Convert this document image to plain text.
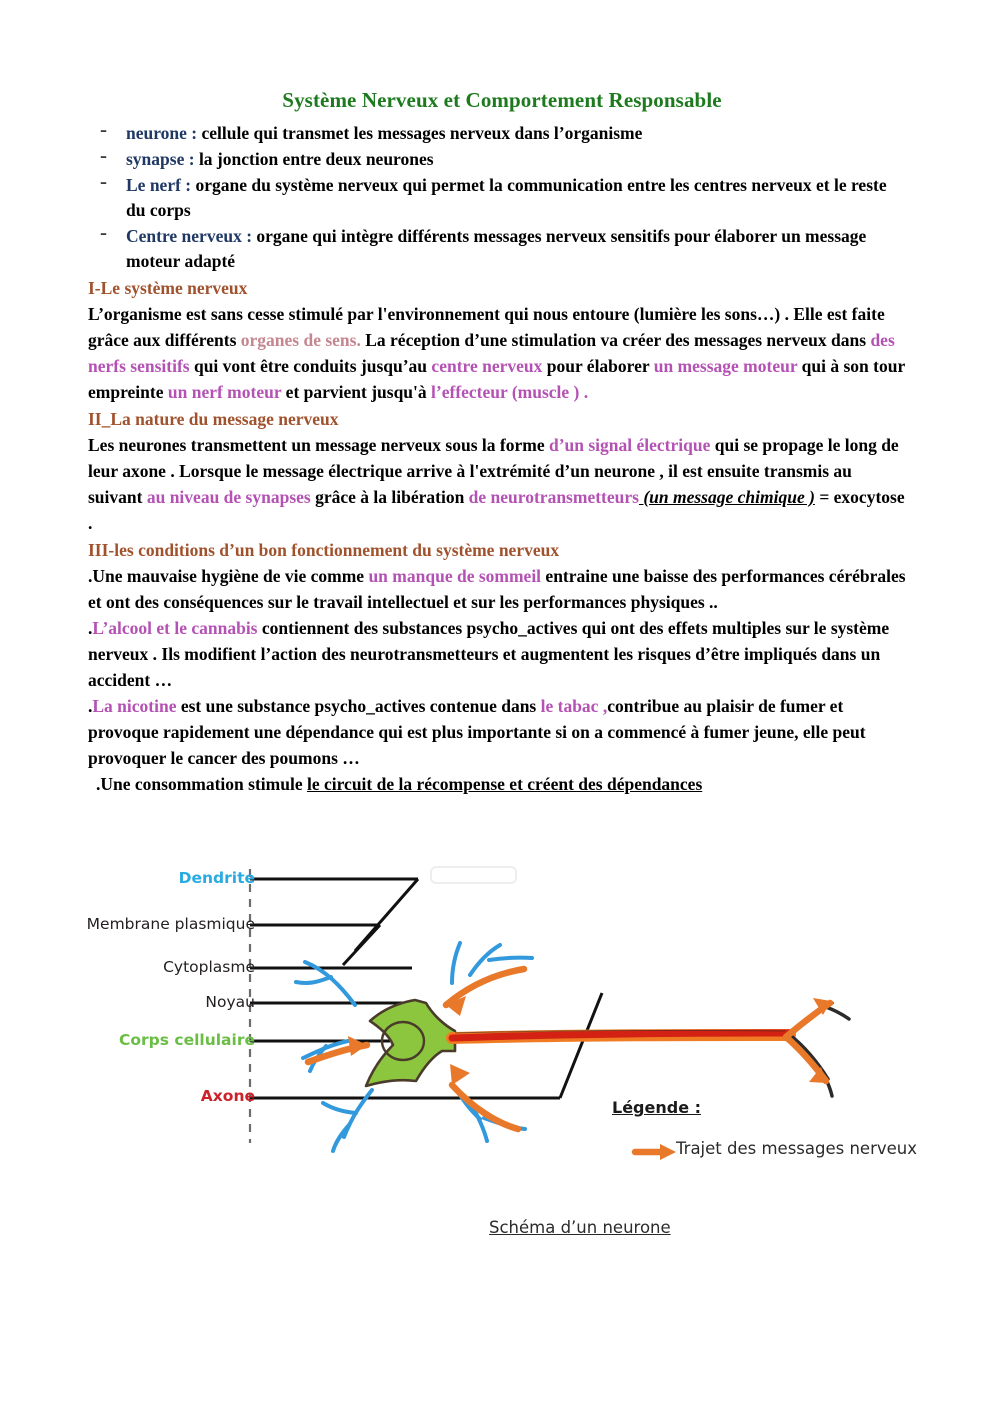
Système Nerveux et Comportement Responsable
- neurone : cellule qui transmet les messages nerveux dans l’organisme
- synapse : la jonction entre deux neurones
- Le nerf : organe du système nerveux qui permet la communication entre les centres nerveux et le reste du corps
- Centre nerveux : organe qui intègre différents messages nerveux sensitifs pour élaborer un message moteur adapté
I-Le système nerveux

L’organisme est sans cesse stimulé par l'environnement qui nous entoure (lumière les sons…) . Elle est faite grâce aux différents organes de sens. La réception d’une stimulation va créer des messages nerveux dans des nerfs sensitifs qui vont être conduits jusqu’au centre nerveux pour élaborer un message moteur qui à son tour empreinte un nerf moteur et parvient jusqu'à l’effecteur (muscle ) .

II_La nature du message nerveux

Les neurones transmettent un message nerveux sous la forme d’un signal électrique qui se propage le long de leur axone . Lorsque le message électrique arrive à l'extrémité d’un neurone , il est ensuite transmis au suivant au niveau de synapses grâce à la libération de neurotransmetteurs (un message chimique ) = exocytose .

III-les conditions d’un bon fonctionnement du système nerveux

.Une mauvaise hygiène de vie comme un manque de sommeil entraine une baisse des performances cérébrales et ont des conséquences sur le travail intellectuel et sur les performances physiques ..

.L’alcool et le cannabis contiennent des substances psycho_actives qui ont des effets multiples sur le système nerveux . Ils modifient l’action des neurotransmetteurs et augmentent les risques d’être impliqués dans un accident …

.La nicotine est une substance psycho_actives contenue dans le tabac ,contribue au plaisir de fumer et provoque rapidement une dépendance qui est plus importante si on a commencé à fumer jeune, elle peut provoquer le cancer des poumons …

.Une consommation stimule le circuit de la récompense et créent des dépendances

Dendrite
Membrane plasmique
Cytoplasme
Noyau
Corps cellulaire
Axone
Légende :
Trajet des messages nerveux
Schéma d’un neurone
